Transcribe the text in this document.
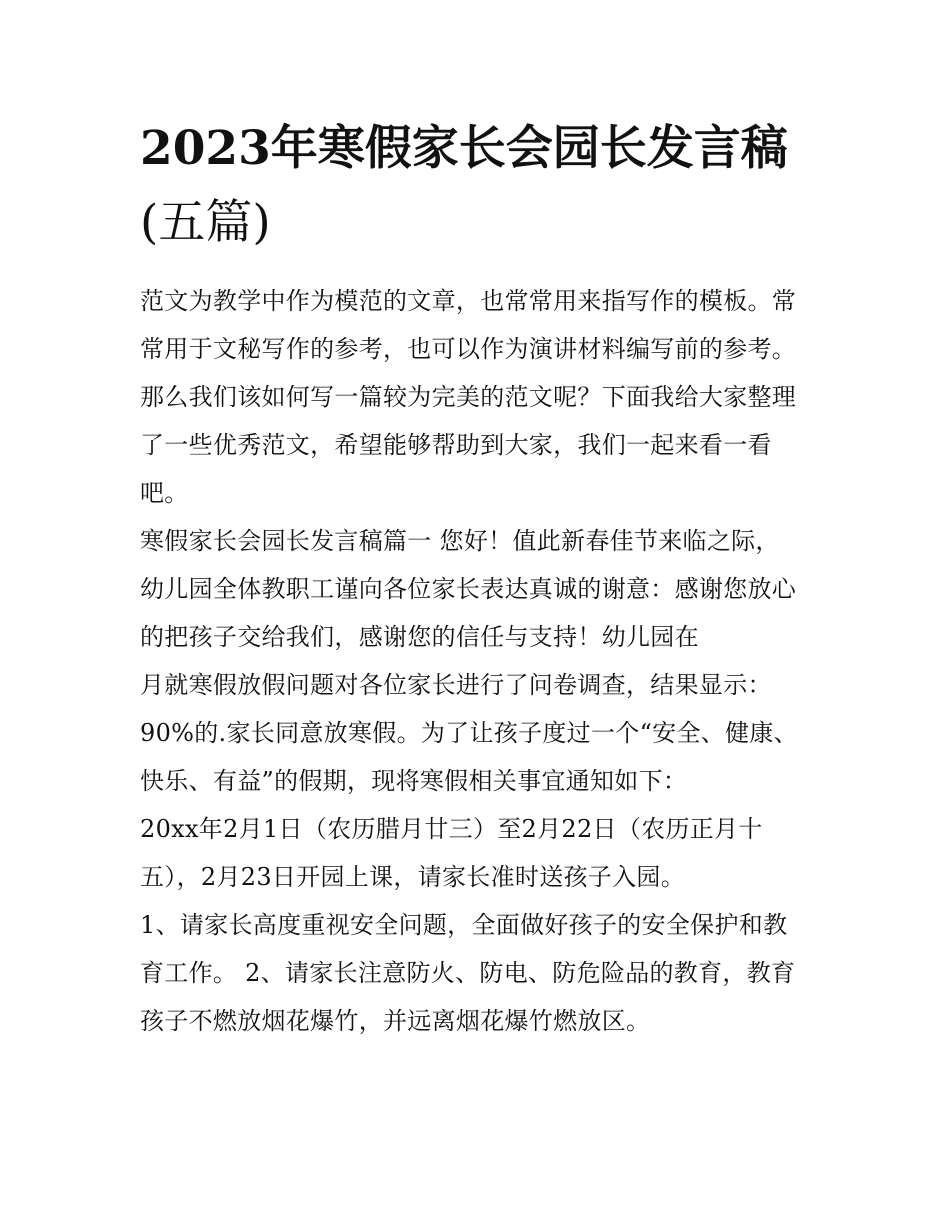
2023年寒假家长会园长发言稿
(五篇)
范文为教学中作为模范的文章，也常常用来指写作的模板。常
常用于文秘写作的参考，也可以作为演讲材料编写前的参考。
那么我们该如何写一篇较为完美的范文呢？下面我给大家整理
了一些优秀范文，希望能够帮助到大家，我们一起来看一看
吧。
寒假家长会园长发言稿篇一 您好！值此新春佳节来临之际，
幼儿园全体教职工谨向各位家长表达真诚的谢意：感谢您放心
的把孩子交给我们，感谢您的信任与支持！幼儿园在
月就寒假放假问题对各位家长进行了问卷调查，结果显示：
90%的.家长同意放寒假。为了让孩子度过一个“安全、健康、
快乐、有益”的假期，现将寒假相关事宜通知如下：
20xx年2月1日（农历腊月廿三）至2月22日（农历正月十
五），2月23日开园上课，请家长准时送孩子入园。
1、请家长高度重视安全问题，全面做好孩子的安全保护和教
育工作。 2、请家长注意防火、防电、防危险品的教育，教育
孩子不燃放烟花爆竹，并远离烟花爆竹燃放区。
